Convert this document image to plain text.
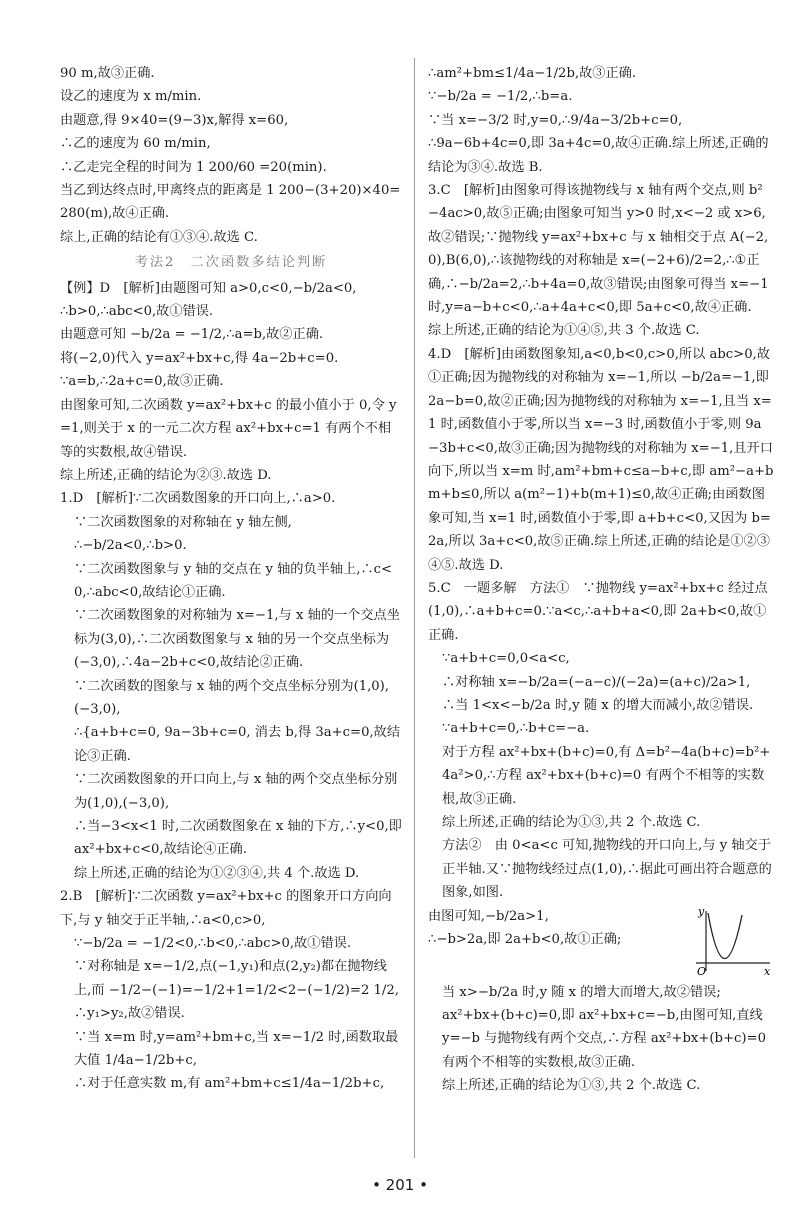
90 m,故③正确.
设乙的速度为 x m/min.
由题意,得 9×40=(9−3)x,解得 x=60,
∴乙的速度为 60 m/min,
∴乙走完全程的时间为 1 200/60 =20(min).
当乙到达终点时,甲离终点的距离是 1 200−(3+20)×40=280(m),故④正确.
综上,正确的结论有①③④.故选 C.
考法2　二次函数多结论判断
【例】D　[解析]由题图可知 a>0,c<0,−b/2a<0,
∴b>0,∴abc<0,故①错误.
由题意可知 −b/2a = −1/2,∴a=b,故②正确.
将(−2,0)代入 y=ax²+bx+c,得 4a−2b+c=0.
∵a=b,∴2a+c=0,故③正确.
由图象可知,二次函数 y=ax²+bx+c 的最小值小于 0,令 y=1,则关于 x 的一元二次方程 ax²+bx+c=1 有两个不相等的实数根,故④错误.
综上所述,正确的结论为②③.故选 D.
1.D　[解析]∵二次函数图象的开口向上,∴a>0.
∵二次函数图象的对称轴在 y 轴左侧,
∴−b/2a<0,∴b>0.
∵二次函数图象与 y 轴的交点在 y 轴的负半轴上,∴c<0,∴abc<0,故结论①正确.
∵二次函数图象的对称轴为 x=−1,与 x 轴的一个交点坐标为(3,0),∴二次函数图象与 x 轴的另一个交点坐标为(−3,0),∴4a−2b+c<0,故结论②正确.
∵二次函数的图象与 x 轴的两个交点坐标分别为(1,0),(−3,0),
∴{a+b+c=0, 9a−3b+c=0, 消去 b,得 3a+c=0,故结论③正确.
∵二次函数图象的开口向上,与 x 轴的两个交点坐标分别为(1,0),(−3,0),
∴当−3<x<1 时,二次函数图象在 x 轴的下方,∴y<0,即 ax²+bx+c<0,故结论④正确.
综上所述,正确的结论为①②③④,共 4 个.故选 D.
2.B　[解析]∵二次函数 y=ax²+bx+c 的图象开口方向向下,与 y 轴交于正半轴,∴a<0,c>0,
∵−b/2a = −1/2<0,∴b<0,∴abc>0,故①错误.
∵对称轴是 x=−1/2,点(−1,y₁)和点(2,y₂)都在抛物线上,而 −1/2−(−1)=−1/2+1=1/2<2−(−1/2)=2 1/2,∴y₁>y₂,故②错误.
∵当 x=m 时,y=am²+bm+c,当 x=−1/2 时,函数取最大值 1/4a−1/2b+c,
∴对于任意实数 m,有 am²+bm+c≤1/4a−1/2b+c,
∴am²+bm≤1/4a−1/2b,故③正确.
∵−b/2a = −1/2,∴b=a.
∵当 x=−3/2 时,y=0,∴9/4a−3/2b+c=0,
∴9a−6b+4c=0,即 3a+4c=0,故④正确.综上所述,正确的结论为③④.故选 B.
3.C　[解析]由图象可得该抛物线与 x 轴有两个交点,则 b²−4ac>0,故⑤正确;由图象可知当 y>0 时,x<−2 或 x>6,故②错误;∵抛物线 y=ax²+bx+c 与 x 轴相交于点 A(−2,0),B(6,0),∴该抛物线的对称轴是 x=(−2+6)/2=2,∴①正确,∴−b/2a=2,∴b+4a=0,故③错误;由图象可得当 x=−1 时,y=a−b+c<0,∴a+4a+c<0,即 5a+c<0,故④正确.
综上所述,正确的结论为①④⑤,共 3 个.故选 C.
4.D　[解析]由函数图象知,a<0,b<0,c>0,所以 abc>0,故①正确;因为抛物线的对称轴为 x=−1,所以 −b/2a=−1,即 2a−b=0,故②正确;因为抛物线的对称轴为 x=−1,且当 x=1 时,函数值小于零,所以当 x=−3 时,函数值小于零,则 9a−3b+c<0,故③正确;因为抛物线的对称轴为 x=−1,且开口向下,所以当 x=m 时,am²+bm+c≤a−b+c,即 am²−a+bm+b≤0,所以 a(m²−1)+b(m+1)≤0,故④正确;由函数图象可知,当 x=1 时,函数值小于零,即 a+b+c<0,又因为 b=2a,所以 3a+c<0,故⑤正确.综上所述,正确的结论是①②③④⑤.故选 D.
5.C　一题多解　方法①　∵抛物线 y=ax²+bx+c 经过点(1,0),∴a+b+c=0.∵a<c,∴a+b+a<0,即 2a+b<0,故①正确.
∵a+b+c=0,0<a<c,
∴对称轴 x=−b/2a=(−a−c)/(−2a)=(a+c)/2a>1,
∴当 1<x<−b/2a 时,y 随 x 的增大而减小,故②错误.
∵a+b+c=0,∴b+c=−a.
对于方程 ax²+bx+(b+c)=0,有 Δ=b²−4a(b+c)=b²+4a²>0,∴方程 ax²+bx+(b+c)=0 有两个不相等的实数根,故③正确.
综上所述,正确的结论为①③,共 2 个.故选 C.
方法②　由 0<a<c 可知,抛物线的开口向上,与 y 轴交于正半轴.又∵抛物线经过点(1,0),∴据此可画出符合题意的图象,如图.
由图可知,−b/2a>1,
∴−b>2a,即 2a+b<0,故①正确;
y
x
O
当 x>−b/2a 时,y 随 x 的增大而增大,故②错误;
ax²+bx+(b+c)=0,即 ax²+bx+c=−b,由图可知,直线 y=−b 与抛物线有两个交点,∴方程 ax²+bx+(b+c)=0 有两个不相等的实数根,故③正确.
综上所述,正确的结论为①③,共 2 个.故选 C.
• 201 •
